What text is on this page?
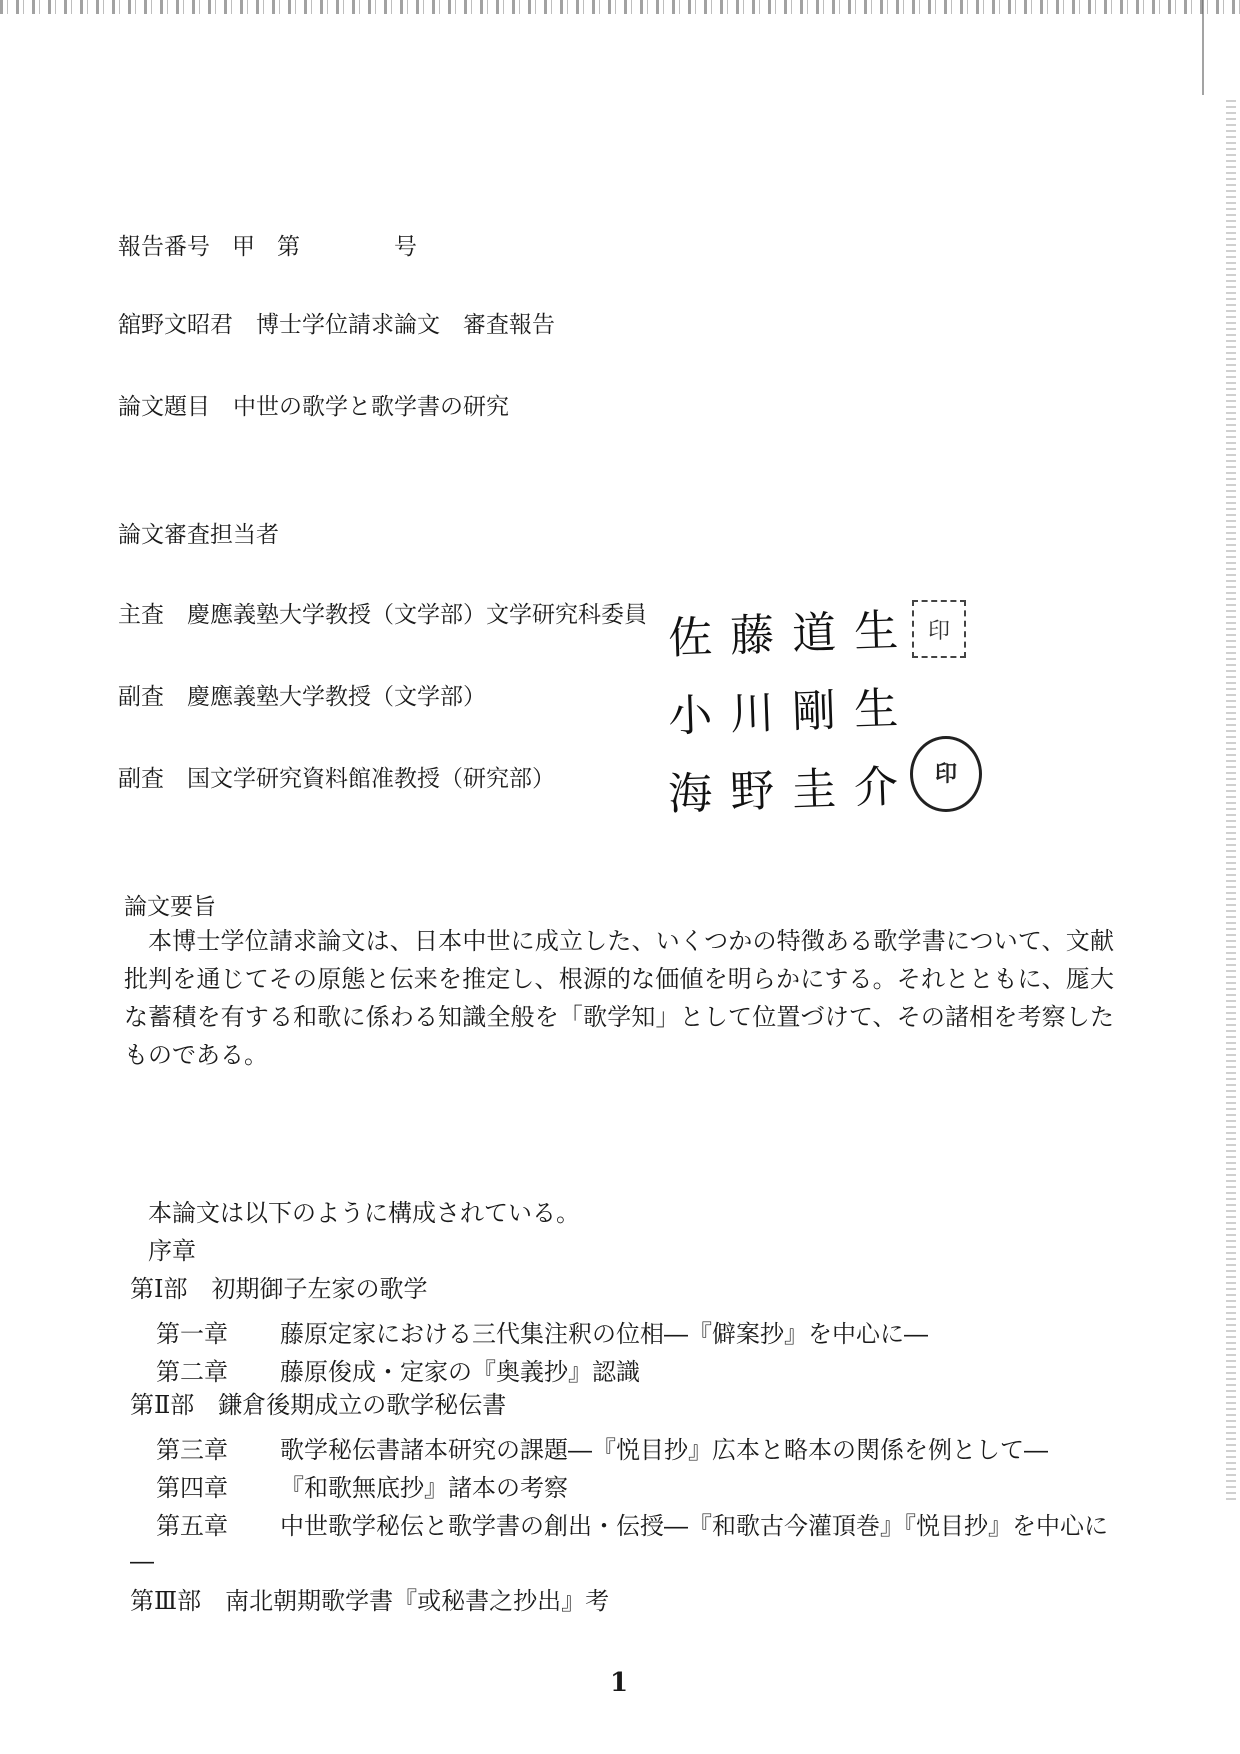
報告番号 甲 第	号
舘野文昭君　博士学位請求論文　審査報告
論文題目　中世の歌学と歌学書の研究
論文審査担当者
主査　慶應義塾大学教授（文学部）文学研究科委員 佐藤道生 印
副査　慶應義塾大学教授（文学部）	小川剛生
副査　国文学研究資料館准教授（研究部）	海野圭介 印
論文要旨
本博士学位請求論文は、日本中世に成立した、いくつかの特徴ある歌学書について、文献批判を通じてその原態と伝来を推定し、根源的な価値を明らかにする。それとともに、厖大な蓄積を有する和歌に係わる知識全般を「歌学知」として位置づけて、その諸相を考察したものである。
本論文は以下のように構成されている。
序章
第Ⅰ部　初期御子左家の歌学
第一章	藤原定家における三代集注釈の位相―『僻案抄』を中心に―
第二章	藤原俊成・定家の『奥義抄』認識
第Ⅱ部　鎌倉後期成立の歌学秘伝書
第三章	歌学秘伝書諸本研究の課題―『悦目抄』広本と略本の関係を例として―
第四章	『和歌無底抄』諸本の考察
第五章	中世歌学秘伝と歌学書の創出・伝授―『和歌古今灌頂巻』『悦目抄』を中心に
―
第Ⅲ部　南北朝期歌学書『或秘書之抄出』考
1
